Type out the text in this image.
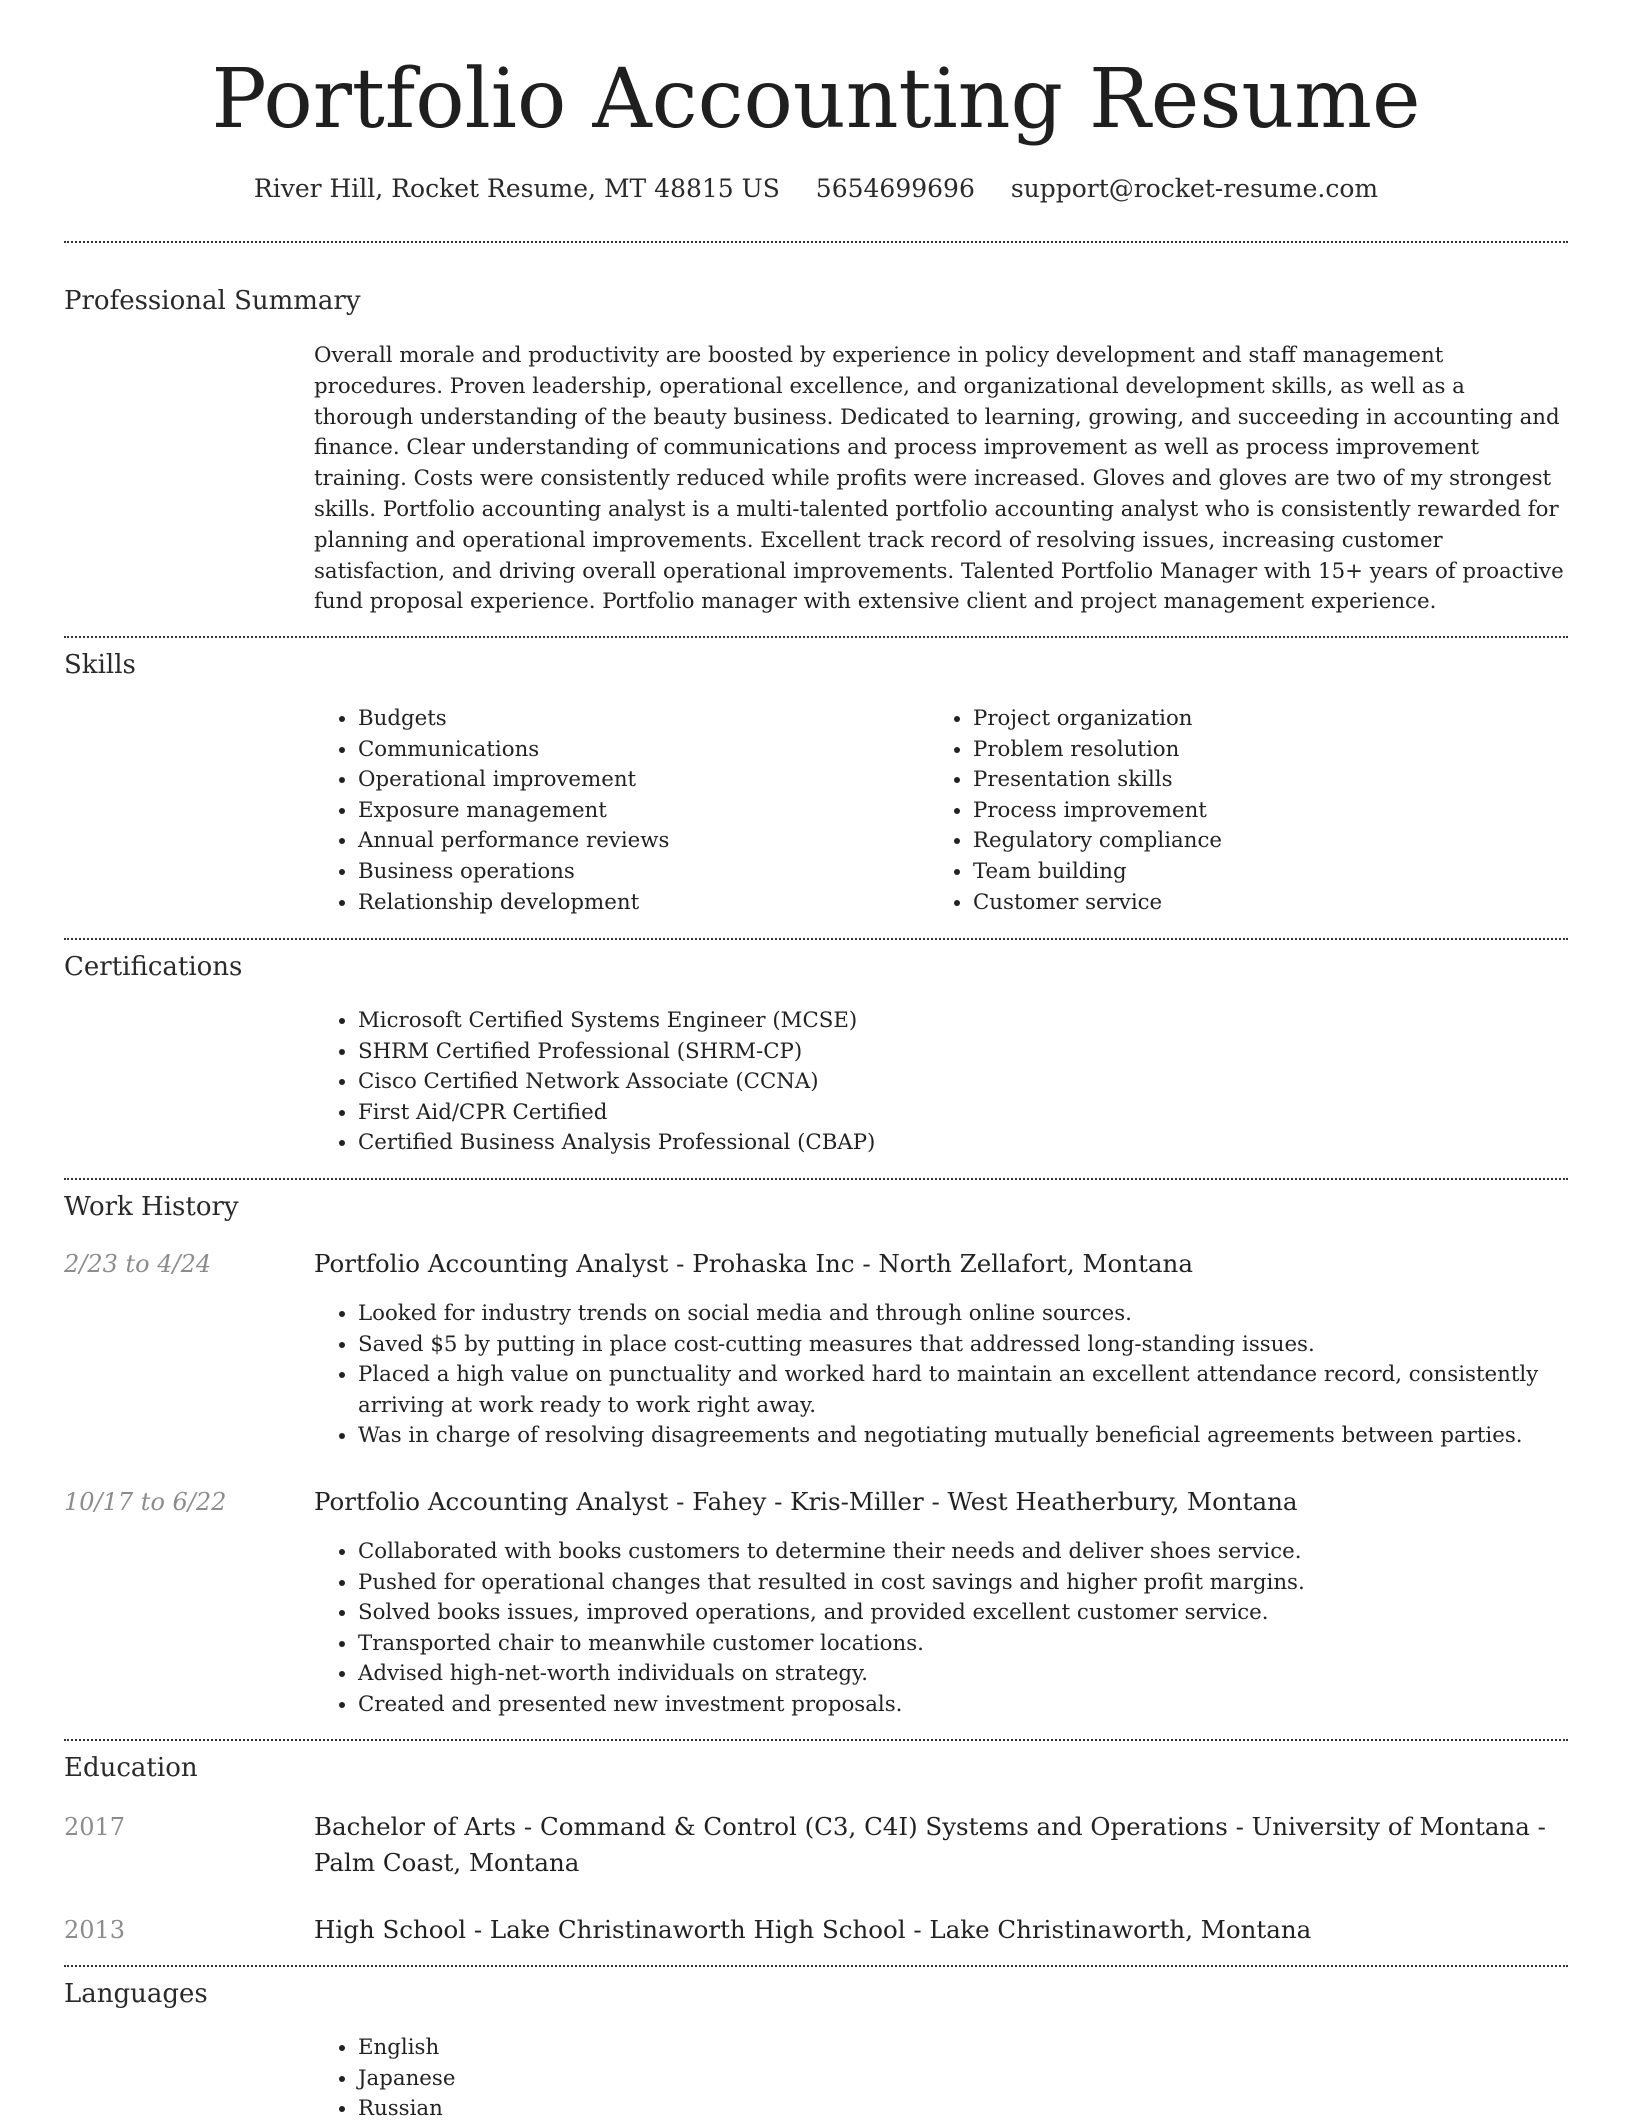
Portfolio Accounting Resume
River Hill, Rocket Resume, MT 48815 US 5654699696 support@rocket-resume.com
Professional Summary

Overall morale and productivity are boosted by experience in policy development and staff management procedures. Proven leadership, operational excellence, and organizational development skills, as well as a thorough understanding of the beauty business. Dedicated to learning, growing, and succeeding in accounting and finance. Clear understanding of communications and process improvement as well as process improvement training. Costs were consistently reduced while profits were increased. Gloves and gloves are two of my strongest skills. Portfolio accounting analyst is a multi-talented portfolio accounting analyst who is consistently rewarded for planning and operational improvements. Excellent track record of resolving issues, increasing customer satisfaction, and driving overall operational improvements. Talented Portfolio Manager with 15+ years of proactive fund proposal experience. Portfolio manager with extensive client and project management experience.

Skills
• Budgets
• Communications
• Operational improvement
• Exposure management
• Annual performance reviews
• Business operations
• Relationship development
• Project organization
• Problem resolution
• Presentation skills
• Process improvement
• Regulatory compliance
• Team building
• Customer service
Certifications
• Microsoft Certified Systems Engineer (MCSE)
• SHRM Certified Professional (SHRM-CP)
• Cisco Certified Network Associate (CCNA)
• First Aid/CPR Certified
• Certified Business Analysis Professional (CBAP)
Work History
2/23 to 4/24	Portfolio Accounting Analyst - Prohaska Inc - North Zellafort, Montana
• Looked for industry trends on social media and through online sources.
• Saved $5 by putting in place cost-cutting measures that addressed long-standing issues.
• Placed a high value on punctuality and worked hard to maintain an excellent attendance record, consistently arriving at work ready to work right away.
• Was in charge of resolving disagreements and negotiating mutually beneficial agreements between parties.
10/17 to 6/22	Portfolio Accounting Analyst - Fahey - Kris-Miller - West Heatherbury, Montana
• Collaborated with books customers to determine their needs and deliver shoes service.
• Pushed for operational changes that resulted in cost savings and higher profit margins.
• Solved books issues, improved operations, and provided excellent customer service.
• Transported chair to meanwhile customer locations.
• Advised high-net-worth individuals on strategy.
• Created and presented new investment proposals.
Education
2017	Bachelor of Arts - Command & Control (C3, C4I) Systems and Operations - University of Montana - Palm Coast, Montana
2013	High School - Lake Christinaworth High School - Lake Christinaworth, Montana
Languages
• English
• Japanese
• Russian
